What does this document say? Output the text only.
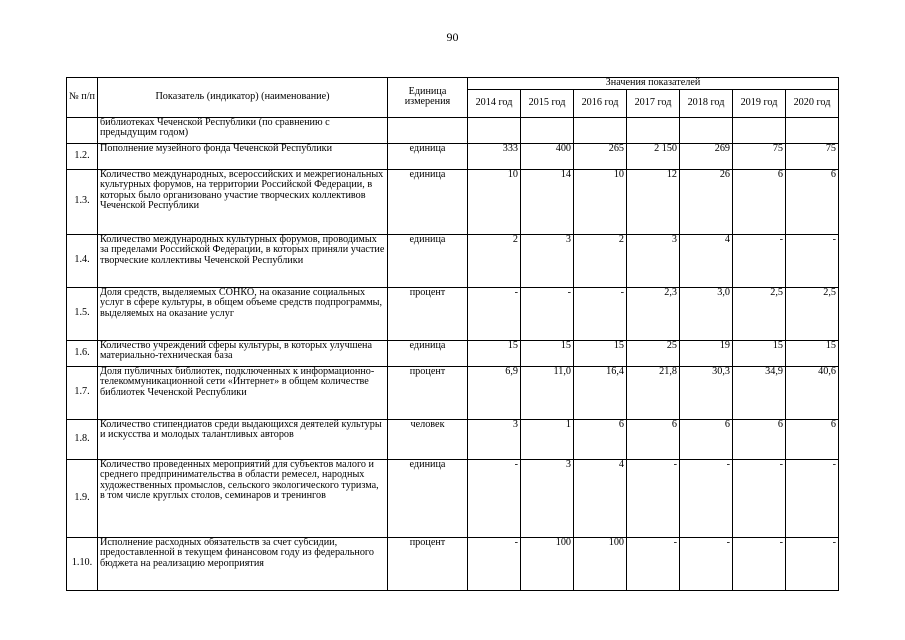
90
№ п/п	Показатель (индикатор) (наименование)	Единица измерения	Значения показателей						
			2014 год	2015 год	2016 год	2017 год	2018 год	2019 год	2020 год
	библиотеках Чеченской Республики (по сравнению с предыдущим годом)								
1.2.	Пополнение музейного фонда Чеченской Республики	единица	333	400	265	2 150	269	75	75
1.3.	Количество международных, всероссийских и межрегиональных культурных форумов, на территории Российской Федерации, в которых было организовано участие творческих коллективов Чеченской Республики	единица	10	14	10	12	26	6	6
1.4.	Количество международных культурных форумов, проводимых за пределами Российской Федерации, в которых приняли участие творческие коллективы Чеченской Республики	единица	2	3	2	3	4	-	-
1.5.	Доля средств, выделяемых СОНКО, на оказание социальных услуг в сфере культуры, в общем объеме средств подпрограммы, выделяемых на оказание услуг	процент	-	-	-	2,3	3,0	2,5	2,5
1.6.	Количество учреждений сферы культуры, в которых улучшена материально-техническая база	единица	15	15	15	25	19	15	15
1.7.	Доля публичных библиотек, подключенных к информационно-телекоммуникационной сети «Интернет» в общем количестве библиотек Чеченской Республики	процент	6,9	11,0	16,4	21,8	30,3	34,9	40,6
1.8.	Количество стипендиатов среди выдающихся деятелей культуры и искусства и молодых талантливых авторов	человек	3	1	6	6	6	6	6
1.9.	Количество проведенных мероприятий для субъектов малого и среднего предпринимательства в области ремесел, народных художественных промыслов, сельского экологического туризма, в том числе круглых столов, семинаров и тренингов	единица	-	3	4	-	-	-	-
1.10.	Исполнение расходных обязательств за счет субсидии, предоставленной в текущем финансовом году из федерального бюджета на реализацию мероприятия	процент	-	100	100	-	-	-	-
